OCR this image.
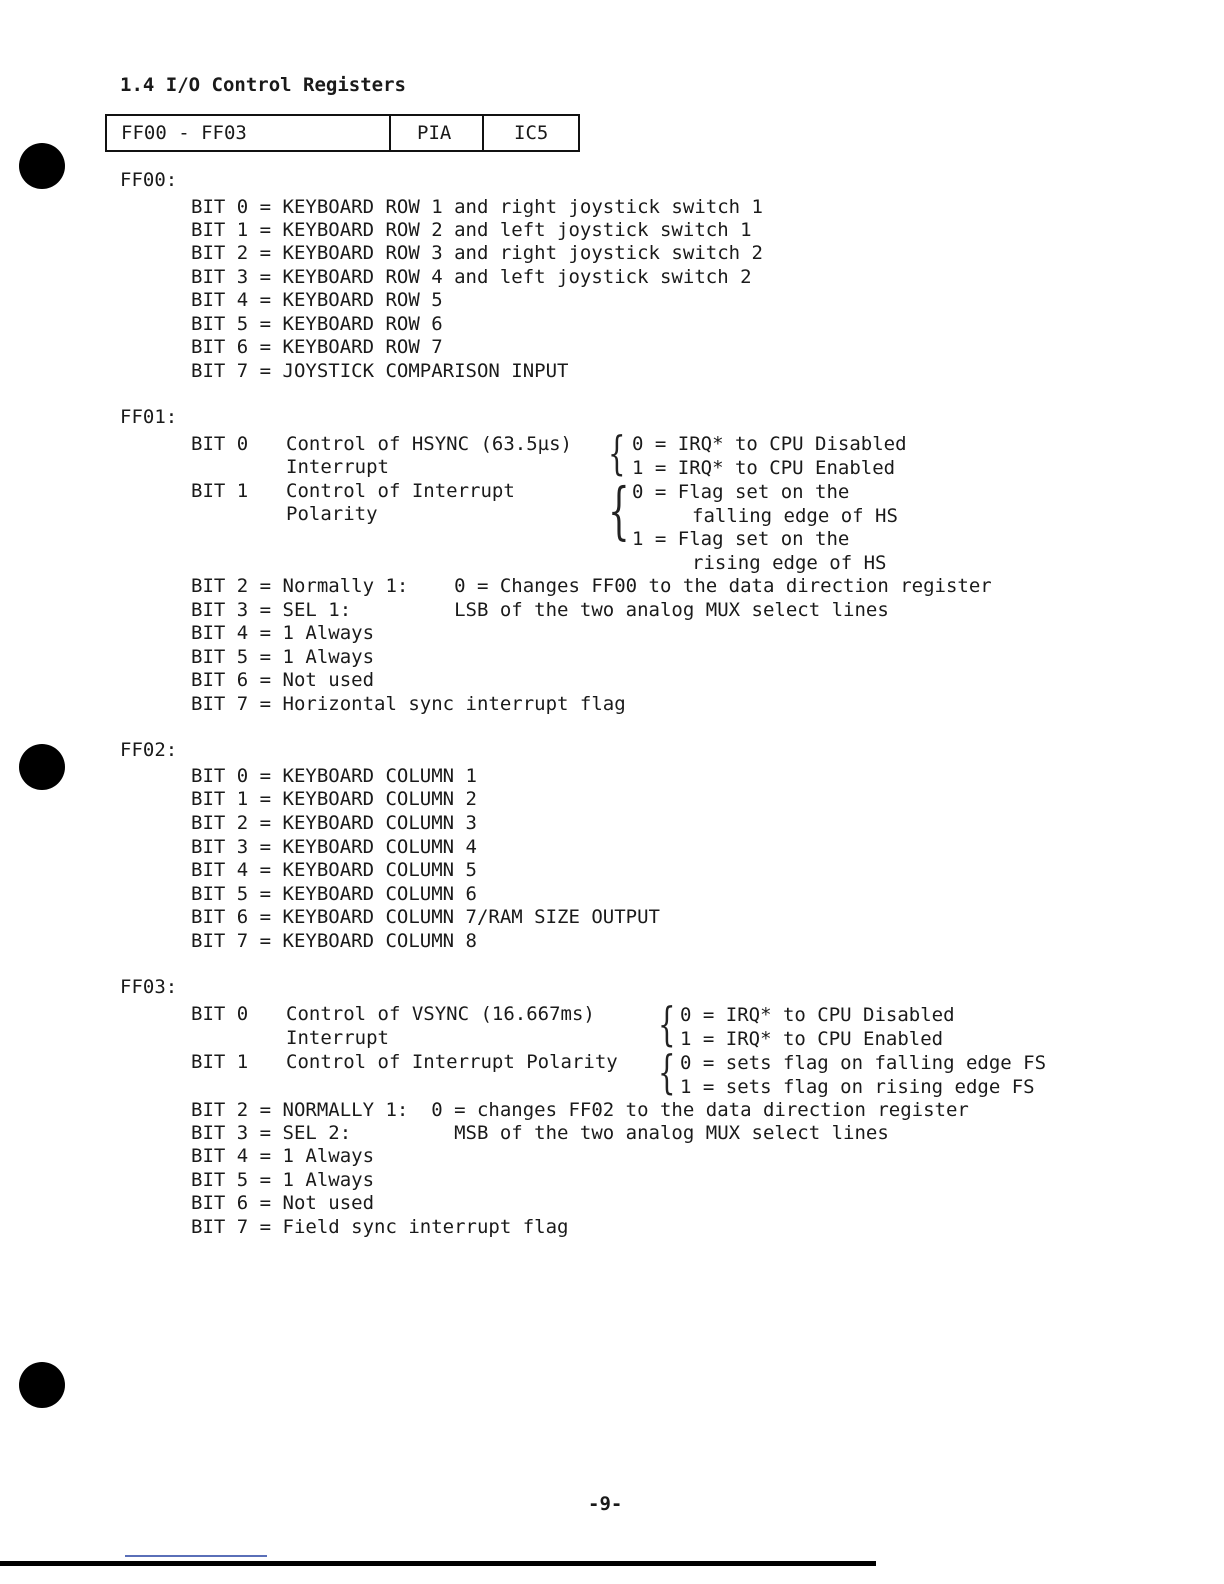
1.4 I/O Control Registers
FF00 - FF03	PIA	IC5
FF00:
BIT 0 = KEYBOARD ROW 1 and right joystick switch 1
BIT 1 = KEYBOARD ROW 2 and left joystick switch 1
BIT 2 = KEYBOARD ROW 3 and right joystick switch 2
BIT 3 = KEYBOARD ROW 4 and left joystick switch 2
BIT 4 = KEYBOARD ROW 5
BIT 5 = KEYBOARD ROW 6
BIT 6 = KEYBOARD ROW 7
BIT 7 = JOYSTICK COMPARISON INPUT
FF01:
BIT 0 Control of HSYNC (63.5µs)
Interrupt	{ 0 = IRQ* to CPU Disabled
1 = IRQ* to CPU Enabled
BIT 1 Control of Interrupt
Polarity	{ 0 = Flag set on the
falling edge of HS
1 = Flag set on the
rising edge of HS
BIT 2 = Normally 1:    0 = Changes FF00 to the data direction register
BIT 3 = SEL 1:         LSB of the two analog MUX select lines
BIT 4 = 1 Always
BIT 5 = 1 Always
BIT 6 = Not used
BIT 7 = Horizontal sync interrupt flag
FF02:
BIT 0 = KEYBOARD COLUMN 1
BIT 1 = KEYBOARD COLUMN 2
BIT 2 = KEYBOARD COLUMN 3
BIT 3 = KEYBOARD COLUMN 4
BIT 4 = KEYBOARD COLUMN 5
BIT 5 = KEYBOARD COLUMN 6
BIT 6 = KEYBOARD COLUMN 7/RAM SIZE OUTPUT
BIT 7 = KEYBOARD COLUMN 8
FF03:
BIT 0 Control of VSYNC (16.667ms)
Interrupt	{ 0 = IRQ* to CPU Disabled
1 = IRQ* to CPU Enabled
BIT 1 Control of Interrupt Polarity { 0 = sets flag on falling edge FS
1 = sets flag on rising edge FS
BIT 2 = NORMALLY 1:  0 = changes FF02 to the data direction register
BIT 3 = SEL 2:         MSB of the two analog MUX select lines
BIT 4 = 1 Always
BIT 5 = 1 Always
BIT 6 = Not used
BIT 7 = Field sync interrupt flag
-9-
